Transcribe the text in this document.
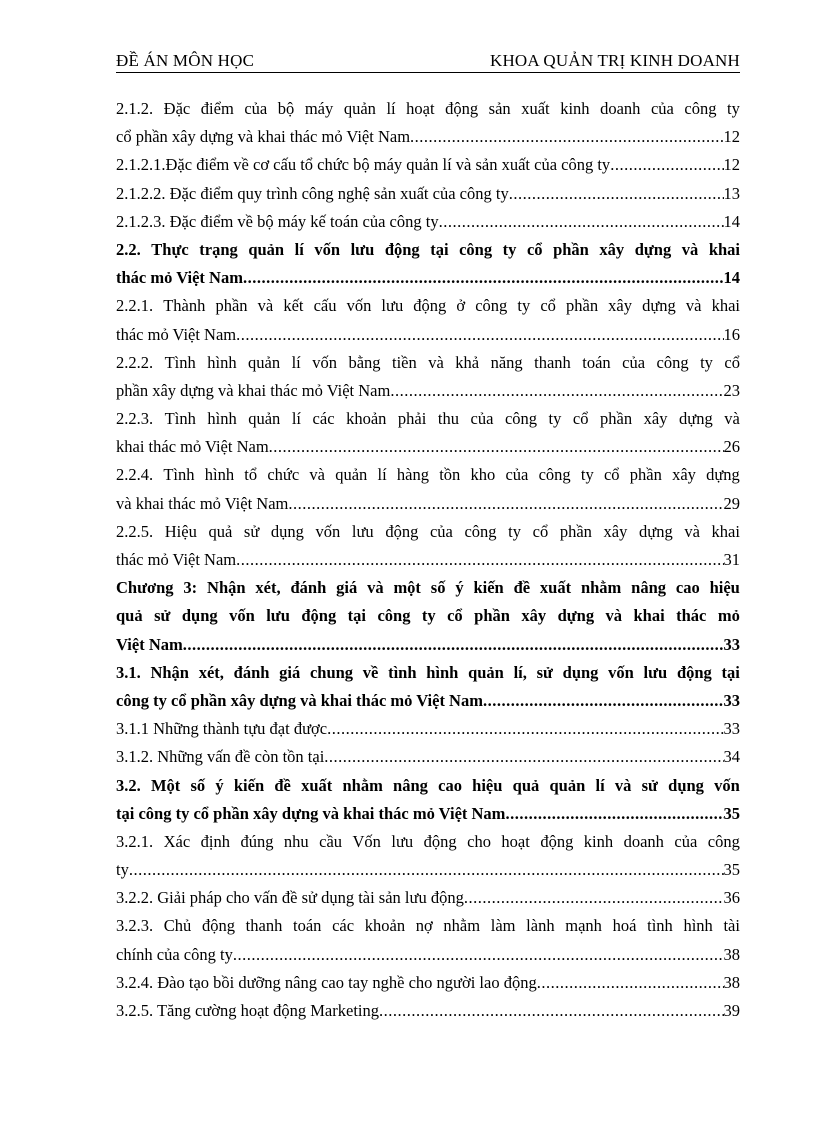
ĐỀ ÁN MÔN HỌC	KHOA QUẢN TRỊ KINH DOANH
2.1.2. Đặc điểm của bộ máy quản lí hoạt động sản xuất kinh doanh của công ty
cổ phần xây dựng và khai thác mỏ Việt Nam .....	12
2.1.2.1.Đặc điểm về cơ cấu tổ chức bộ máy quản lí và sản xuất của công ty .....	12
2.1.2.2. Đặc điểm quy trình công nghệ sản xuất của công ty .....	13
2.1.2.3. Đặc điểm về bộ máy kế toán của công ty .....	14
2.2. Thực trạng quản lí vốn lưu động tại công ty cổ phần xây dựng và khai
thác mỏ Việt Nam .....	14
2.2.1. Thành phần và kết cấu vốn lưu động ở công ty cổ phần xây dựng và khai
thác mỏ Việt Nam .....	16
2.2.2. Tình hình quản lí vốn bằng tiền và khả năng thanh toán của công ty cổ
phần xây dựng và khai thác mỏ Việt Nam .....	23
2.2.3. Tình hình quản lí các khoản phải thu của công ty cổ phần xây dựng và
khai thác mỏ Việt Nam .....	26
2.2.4. Tình hình tổ chức và quản lí hàng tồn kho của công ty cổ phần xây dựng
và khai thác mỏ Việt Nam .....	29
2.2.5. Hiệu quả sử dụng vốn lưu động của công ty cổ phần xây dựng và khai
thác mỏ Việt Nam .....	31
Chương 3: Nhận xét, đánh giá và một số ý kiến đề xuất nhằm nâng cao hiệu
quả sử dụng vốn lưu động tại công ty cổ phần xây dựng và khai thác mỏ
Việt Nam .....	33
3.1. Nhận xét, đánh giá chung về tình hình quản lí, sử dụng vốn lưu động tại
công ty cổ phần xây dựng và khai thác mỏ Việt Nam .....	33
3.1.1 Những thành tựu đạt được .....	33
3.1.2. Những vấn đề còn tồn tại .....	34
3.2. Một số ý kiến đề xuất nhằm nâng cao hiệu quả quản lí và sử dụng vốn
tại công ty cổ phần xây dựng và khai thác mỏ Việt Nam .....	35
3.2.1. Xác định đúng nhu cầu Vốn lưu động cho hoạt động kinh doanh của công
ty .....	35
3.2.2. Giải pháp cho vấn đề sử dụng tài sản lưu động .....	36
3.2.3. Chủ động thanh toán các khoản nợ nhằm làm lành mạnh hoá tình hình tài
chính của công ty .....	38
3.2.4. Đào tạo bồi dưỡng nâng cao tay nghề cho người lao động .....	38
3.2.5. Tăng cường hoạt động Marketing .....	39
